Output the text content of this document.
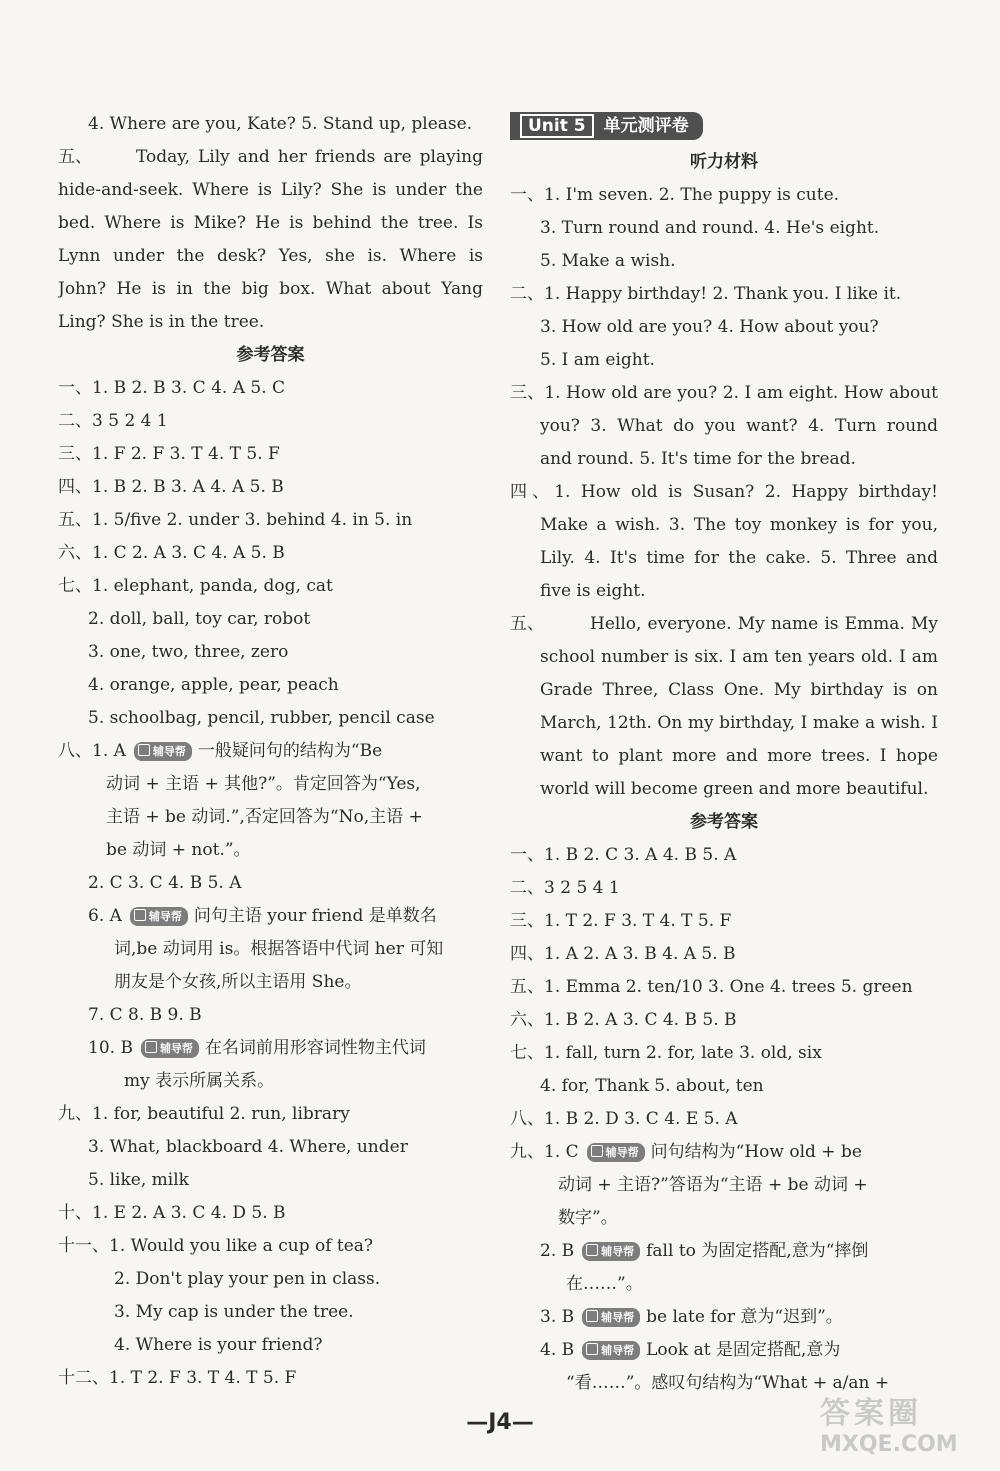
4. Where are you, Kate? 5. Stand up, please.
五、	Today, Lily and her friends are playing
hide-and-seek. Where is Lily? She is under the
bed. Where is Mike? He is behind the tree. Is
Lynn under the desk? Yes, she is. Where is
John? He is in the big box. What about Yang
Ling? She is in the tree.
参考答案
一、1. B 2. B 3. C 4. A 5. C
二、3 5 2 4 1
三、1. F 2. F 3. T 4. T 5. F
四、1. B 2. B 3. A 4. A 5. B
五、1. 5/five 2. under 3. behind 4. in 5. in
六、1. C 2. A 3. C 4. A 5. B
七、1. elephant, panda, dog, cat
2. doll, ball, toy car, robot
3. one, two, three, zero
4. orange, apple, pear, peach
5. schoolbag, pencil, rubber, pencil case
八、1. A 辅导帮 一般疑问句的结构为“Be
动词 + 主语 + 其他?”。肯定回答为“Yes,
主语 + be 动词.”,否定回答为“No,主语 +
be 动词 + not.”。
2. C 3. C 4. B 5. A
6. A 辅导帮 问句主语 your friend 是单数名
词,be 动词用 is。根据答语中代词 her 可知
朋友是个女孩,所以主语用 She。
7. C 8. B 9. B
10. B 辅导帮 在名词前用形容词性物主代词
my 表示所属关系。
九、1. for, beautiful 2. run, library
3. What, blackboard 4. Where, under
5. like, milk
十、1. E 2. A 3. C 4. D 5. B
十一、1. Would you like a cup of tea?
2. Don't play your pen in class.
3. My cap is under the tree.
4. Where is your friend?
十二、1. T 2. F 3. T 4. T 5. F
Unit 5 单元测评卷
听力材料
一、1. I'm seven. 2. The puppy is cute.
3. Turn round and round. 4. He's eight.
5. Make a wish.
二、1. Happy birthday! 2. Thank you. I like it.
3. How old are you? 4. How about you?
5. I am eight.
三、1. How old are you? 2. I am eight. How about
you? 3. What do you want? 4. Turn round
and round. 5. It's time for the bread.
四、1. How old is Susan? 2. Happy birthday!
Make a wish. 3. The toy monkey is for you,
Lily. 4. It's time for the cake. 5. Three and
five is eight.
五、	Hello, everyone. My name is Emma. My
school number is six. I am ten years old. I am
Grade Three, Class One. My birthday is on
March, 12th. On my birthday, I make a wish. I
want to plant more and more trees. I hope
world will become green and more beautiful.
参考答案
一、1. B 2. C 3. A 4. B 5. A
二、3 2 5 4 1
三、1. T 2. F 3. T 4. T 5. F
四、1. A 2. A 3. B 4. A 5. B
五、1. Emma 2. ten/10 3. One 4. trees 5. green
六、1. B 2. A 3. C 4. B 5. B
七、1. fall, turn 2. for, late 3. old, six
4. for, Thank 5. about, ten
八、1. B 2. D 3. C 4. E 5. A
九、1. C 辅导帮 问句结构为“How old + be
动词 + 主语?”答语为“主语 + be 动词 +
数字”。
2. B 辅导帮 fall to 为固定搭配,意为“摔倒
在……”。
3. B 辅导帮 be late for 意为“迟到”。
4. B 辅导帮 Look at 是固定搭配,意为
“看……”。感叹句结构为“What + a/an +
—J4—	答案圈
MXQE.COM
